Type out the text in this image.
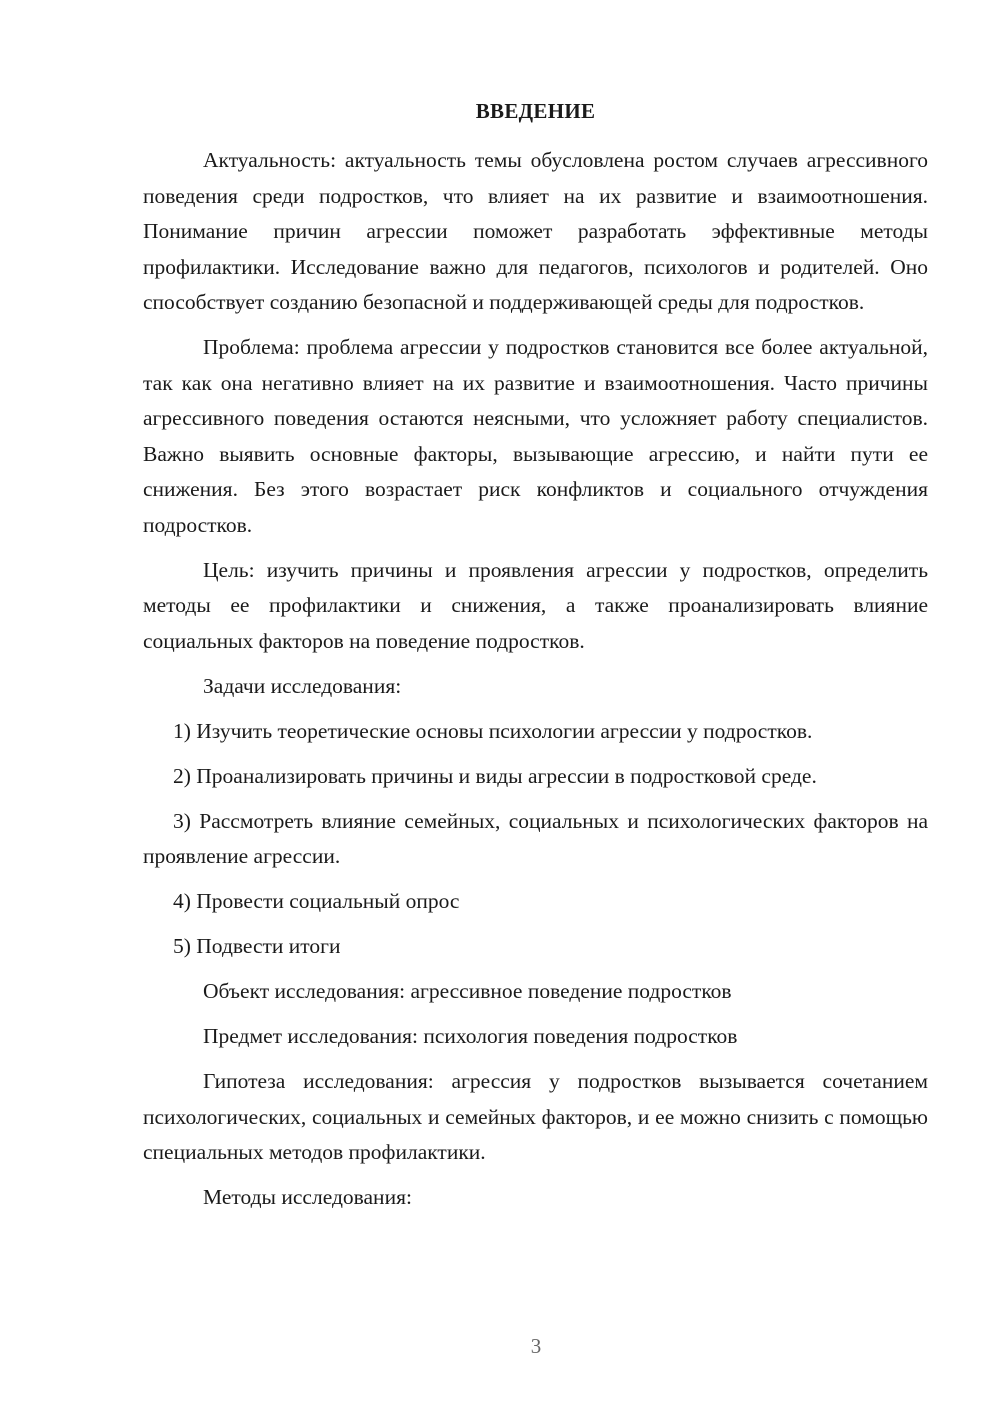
ВВЕДЕНИЕ

Актуальность: актуальность темы обусловлена ростом случаев агрессивного поведения среди подростков, что влияет на их развитие и взаимоотношения. Понимание причин агрессии поможет разработать эффективные методы профилактики. Исследование важно для педагогов, психологов и родителей. Оно способствует созданию безопасной и поддерживающей среды для подростков.

Проблема: проблема агрессии у подростков становится все более актуальной, так как она негативно влияет на их развитие и взаимоотношения. Часто причины агрессивного поведения остаются неясными, что усложняет работу специалистов. Важно выявить основные факторы, вызывающие агрессию, и найти пути ее снижения. Без этого возрастает риск конфликтов и социального отчуждения подростков.

Цель: изучить причины и проявления агрессии у подростков, определить методы ее профилактики и снижения, а также проанализировать влияние социальных факторов на поведение подростков.

Задачи исследования:

1) Изучить теоретические основы психологии агрессии у подростков.

2) Проанализировать причины и виды агрессии в подростковой среде.

3) Рассмотреть влияние семейных, социальных и психологических факторов на проявление агрессии.

4) Провести социальный опрос

5) Подвести итоги

Объект исследования: агрессивное поведение подростков

Предмет исследования: психология поведения подростков

Гипотеза исследования: агрессия у подростков вызывается сочетанием психологических, социальных и семейных факторов, и ее можно снизить с помощью специальных методов профилактики.

Методы исследования:

3
